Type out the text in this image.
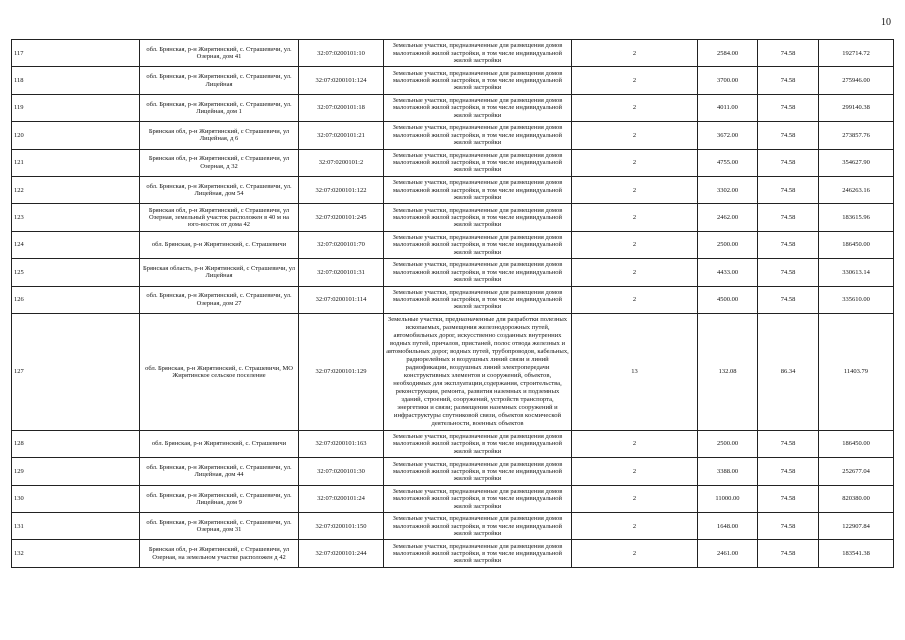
10
117	обл. Брянская, р-н Жирятинский, с. Страшевичи, ул. Озерная, дом 41	32:07:0200101:10	Земельные участки, предназначенные для размещения домов малоэтажной жилой застройки, в том числе индивидуальной жилой застройки	2	2584.00	74.58	192714.72
118	обл. Брянская, р-н Жирятинский, с. Страшевичи, ул. Лицейная	32:07:0200101:124	Земельные участки, предназначенные для размещения домов малоэтажной жилой застройки, в том числе индивидуальной жилой застройки	2	3700.00	74.58	275946.00
119	обл. Брянская, р-н Жирятинский, с. Страшевичи, ул. Лицейная, дом 1	32:07:0200101:18	Земельные участки, предназначенные для размещения домов малоэтажной жилой застройки, в том числе индивидуальной жилой застройки	2	4011.00	74.58	299140.38
120	Брянская обл, р-н Жирятинский, с Страшевичи, ул Лицейная, д 6	32:07:0200101:21	Земельные участки, предназначенные для размещения домов малоэтажной жилой застройки, в том числе индивидуальной жилой застройки	2	3672.00	74.58	273857.76
121	Брянская обл, р-н Жирятинский, с Страшевичи, ул Озерная, д 32	32:07:0200101:2	Земельные участки, предназначенные для размещения домов малоэтажной жилой застройки, в том числе индивидуальной жилой застройки	2	4755.00	74.58	354627.90
122	обл. Брянская, р-н Жирятинский, с. Страшевичи, ул. Лицейная, дом 54	32:07:0200101:122	Земельные участки, предназначенные для размещения домов малоэтажной жилой застройки, в том числе индивидуальной жилой застройки	2	3302.00	74.58	246263.16
123	Брянская обл, р-н Жирятинский, с Страшевичи, ул Озерная, земельный участок расположен в 40 м на юго-восток от дома 42	32:07:0200101:245	Земельные участки, предназначенные для размещения домов малоэтажной жилой застройки, в том числе индивидуальной жилой застройки	2	2462.00	74.58	183615.96
124	обл. Брянская, р-н Жирятинский, с. Страшевичи	32:07:0200101:70	Земельные участки, предназначенные для размещения домов малоэтажной жилой застройки, в том числе индивидуальной жилой застройки	2	2500.00	74.58	186450.00
125	Брянская область, р-н Жирятинский, с Страшевичи, ул Лицейная	32:07:0200101:31	Земельные участки, предназначенные для размещения домов малоэтажной жилой застройки, в том числе индивидуальной жилой застройки	2	4433.00	74.58	330613.14
126	обл. Брянская, р-н Жирятинский, с. Страшевичи, ул. Озерная, дом 27	32:07:0200101:114	Земельные участки, предназначенные для размещения домов малоэтажной жилой застройки, в том числе индивидуальной жилой застройки	2	4500.00	74.58	335610.00
127	обл. Брянская, р-н Жирятинский, с. Страшевичи, МО Жирятинское сельское поселение	32:07:0200101:129	Земельные участки, предназначенные для разработки полезных ископаемых, размещения железнодорожных путей, автомобильных дорог, искусственно созданных внутренних водных путей, причалов, пристаней, полос отвода железных и автомобильных дорог, водных путей, трубопроводов, кабельных, радиорелейных и воздушных линий связи и линий радиофикации, воздушных линий электропередачи конструктивных элементов и сооружений, объектов, необходимых для эксплуатации,содержания, строительства, реконструкции, ремонта, развития наземных и подземных зданий, строений, сооружений, устройств транспорта, энергетики и связи; размещения наземных сооружений и инфраструктуры спутниковой связи, объектов космической деятельности, военных объектов	13	132.08	86.34	11403.79
128	обл. Брянская, р-н Жирятинский, с. Страшевичи	32:07:0200101:163	Земельные участки, предназначенные для размещения домов малоэтажной жилой застройки, в том числе индивидуальной жилой застройки	2	2500.00	74.58	186450.00
129	обл. Брянская, р-н Жирятинский, с. Страшевичи, ул. Лицейная, дом 44	32:07:0200101:30	Земельные участки, предназначенные для размещения домов малоэтажной жилой застройки, в том числе индивидуальной жилой застройки	2	3388.00	74.58	252677.04
130	обл. Брянская, р-н Жирятинский, с. Страшевичи, ул. Лицейная, дом 9	32:07:0200101:24	Земельные участки, предназначенные для размещения домов малоэтажной жилой застройки, в том числе индивидуальной жилой застройки	2	11000.00	74.58	820380.00
131	обл. Брянская, р-н Жирятинский, с. Страшевичи, ул. Озерная, дом 31	32:07:0200101:150	Земельные участки, предназначенные для размещения домов малоэтажной жилой застройки, в том числе индивидуальной жилой застройки	2	1648.00	74.58	122907.84
132	Брянская обл, р-н Жирятинский, с Страшевичи, ул Озерная, на земельном участке расположен д 42	32:07:0200101:244	Земельные участки, предназначенные для размещения домов малоэтажной жилой застройки, в том числе индивидуальной жилой застройки	2	2461.00	74.58	183541.38
